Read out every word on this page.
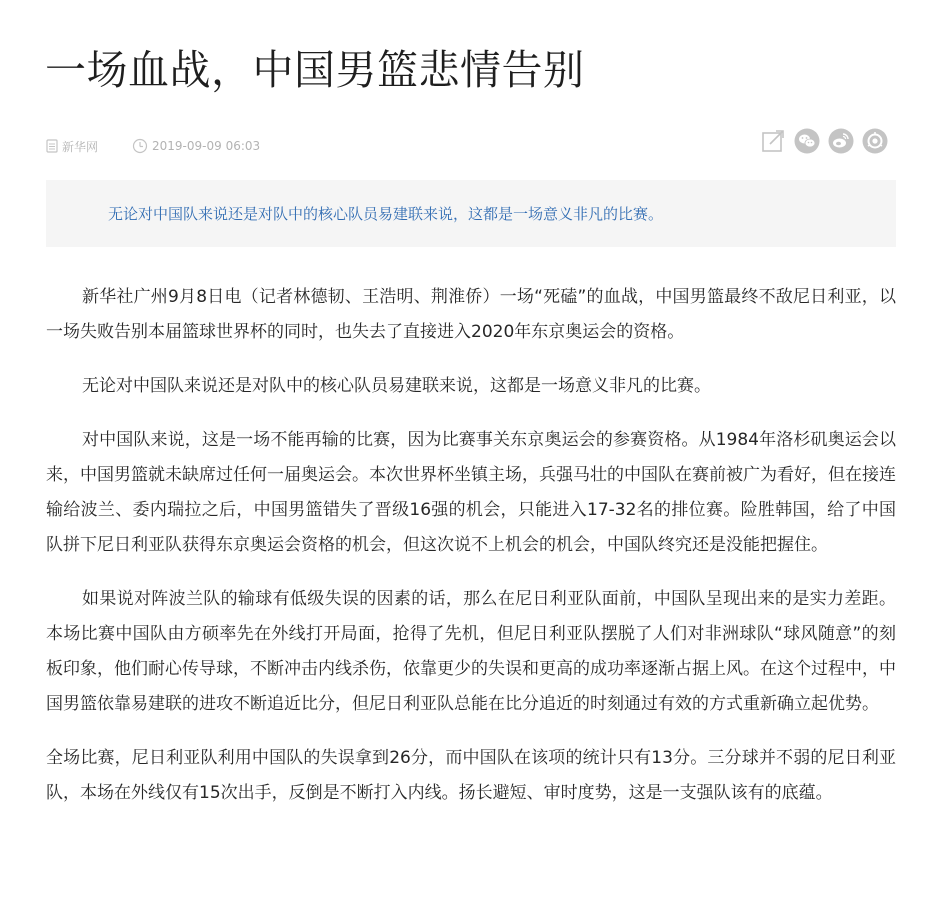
一场血战，中国男篮悲情告别
新华网	2019-09-09 06:03
无论对中国队来说还是对队中的核心队员易建联来说，这都是一场意义非凡的比赛。

新华社广州9月8日电（记者林德韧、王浩明、荆淮侨）一场“死磕”的血战，中国男篮最终不敌尼日利亚，以一场失败告别本届篮球世界杯的同时，也失去了直接进入2020年东京奥运会的资格。

无论对中国队来说还是对队中的核心队员易建联来说，这都是一场意义非凡的比赛。

对中国队来说，这是一场不能再输的比赛，因为比赛事关东京奥运会的参赛资格。从1984年洛杉矶奥运会以来，中国男篮就未缺席过任何一届奥运会。本次世界杯坐镇主场，兵强马壮的中国队在赛前被广为看好，但在接连输给波兰、委内瑞拉之后，中国男篮错失了晋级16强的机会，只能进入17-32名的排位赛。险胜韩国，给了中国队拼下尼日利亚队获得东京奥运会资格的机会，但这次说不上机会的机会，中国队终究还是没能把握住。

如果说对阵波兰队的输球有低级失误的因素的话，那么在尼日利亚队面前，中国队呈现出来的是实力差距。本场比赛中国队由方硕率先在外线打开局面，抢得了先机，但尼日利亚队摆脱了人们对非洲球队“球风随意”的刻板印象，他们耐心传导球，不断冲击内线杀伤，依靠更少的失误和更高的成功率逐渐占据上风。在这个过程中，中国男篮依靠易建联的进攻不断追近比分，但尼日利亚队总能在比分追近的时刻通过有效的方式重新确立起优势。

全场比赛，尼日利亚队利用中国队的失误拿到26分，而中国队在该项的统计只有13分。三分球并不弱的尼日利亚队，本场在外线仅有15次出手，反倒是不断打入内线。扬长避短、审时度势，这是一支强队该有的底蕴。
